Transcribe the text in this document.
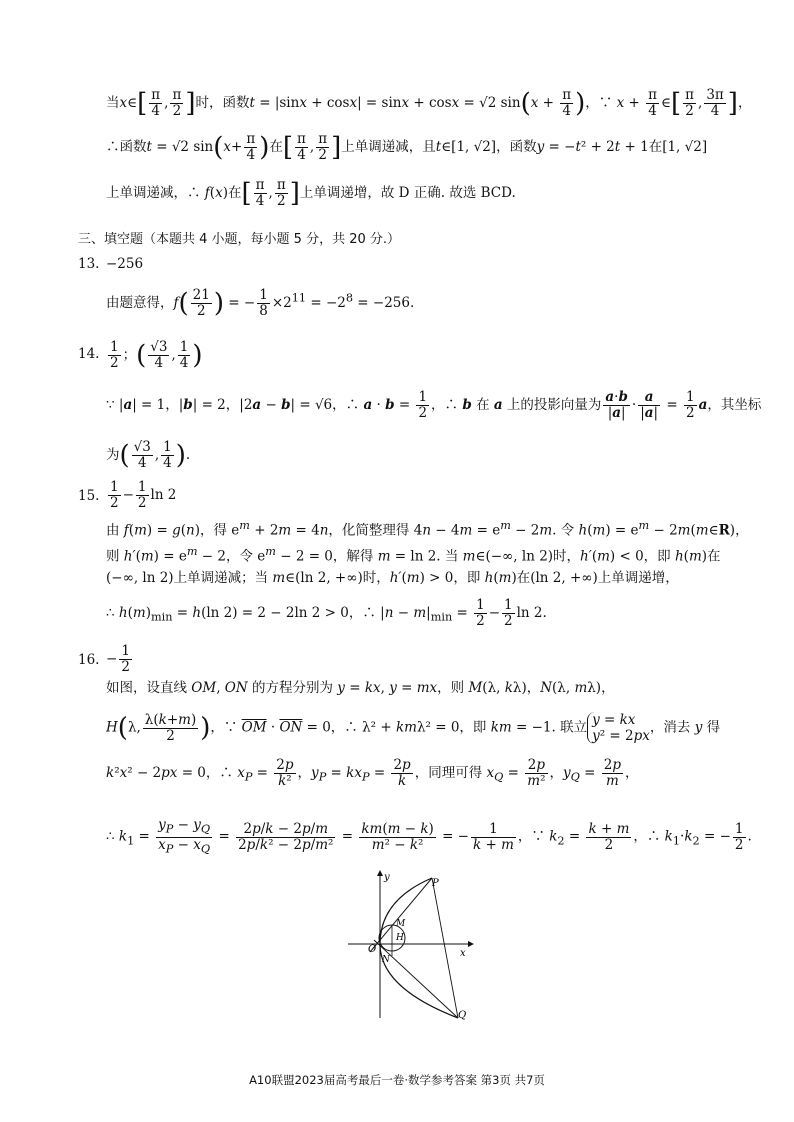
当x∈[ $\frac{\pi}{4}$ , $\frac{\pi}{2}$ ]时，函数t = |sinx + cosx| = sinx + cosx = √2 $\sin(x + \frac{\pi}{4}$ )，∵ $x + \frac{\pi}{4}$ ∈[ $\frac{\pi}{2}$ , $\frac{3\pi}{4}$ ]，
∴函数t = √2 $\sin(x+ \frac{\pi}{4}$ )在[ $\frac{\pi}{4}$ , $\frac{\pi}{2}$ ]上单调递减，且t∈[1, √2]，函数y = −t² + 2t + 1在[1, √2]
上单调递减，∴ f(x)在[ $\frac{\pi}{4}$ , $\frac{\pi}{2}$ ]上单调递增，故 D 正确. 故选 BCD.
三、填空题（本题共 4 小题，每小题 5 分，共 20 分.）
13. −256
由题意得，$f( \frac{21}{2}$ ) = − $\frac{1}{8} \times 2^{11} = -2^8 = -256$.
14. $\frac{1}{2}$ ；( $\frac{√3}{4}$ , $\frac{1}{4}$ )
∵ |a| = 1，|b| = 2，|2a − b| = √6，∴ $a \cdot b = \frac{1}{2}$ ，∴ b 在 a 上的投影向量为 $\frac{a\cdot b}{|a|} \cdot \frac{a}{|a|} = \frac{1}{2}$ a，其坐标
为( $\frac{√3}{4}$ , $\frac{1}{4}$ ).
15. $\frac{1}{2} - \frac{1}{2}$ ln 2
由 f(m) = g(n)，得 $e^m + 2m = 4n$，化简整理得 $4n - 4m = e^m - 2m$. 令 $h(m) = e^m$ − 2m(m∈R)，
则 $h'(m) = e^m - 2$，令 $e^m - 2 = 0$，解得 m = ln 2. 当 m∈(−∞, ln 2)时，h′(m) < 0，即 h(m)在
(−∞, ln 2)上单调递减；当 m∈(ln 2, +∞)时，h′(m) > 0，即 h(m)在(ln 2, +∞)上单调递增，
∴ $h(m)_{min} = h(\ln$ 2) = 2 − 2ln 2 > 0，∴ $|n - m|_{min} = \frac{1}{2} - \frac{1}{2}$ ln 2.
16. − $\frac{1}{2}$
如图，设直线 OM, ON 的方程分别为 y = kx, y = mx，则 M(λ, kλ)，N(λ, mλ)，
H(λ, $\frac{\lambda(k+m)}{2}$ )，∵ $\overline{OM} \cdot \overline{ON} = 0$，∴ λ² + kmλ² = 0，即 km = −1. 联立 y = kx
y² = 2px
，消去 y 得
k²x² − 2px = 0，∴ $x_P = \frac{2p}{\text{k²}}$ ，$y_P = kx_P = \frac{2p}{k}$ ，同理可得 $x_Q = \frac{2p}{\text{m²}}$ ，$y_Q = \frac{2p}{m}$ ，
∴ $k_1 = \frac{y_P - y_Q}{x_P - x_Q} = \frac{2p/k - 2p/m}{\text{2p/k² − 2p/m²}} = \frac{km(m - k)}{\text{m² − k²}}$ = − $\frac{1}{k + m}$ ，∵ $k_2 = \frac{k + m}{2}$ ，∴ $k_1\cdot k_2$ = − $\frac{1}{2}$ .
y
x
O
P
Q
M
N
H
A10联盟2023届高考最后一卷·数学参考答案 第3页 共7页
